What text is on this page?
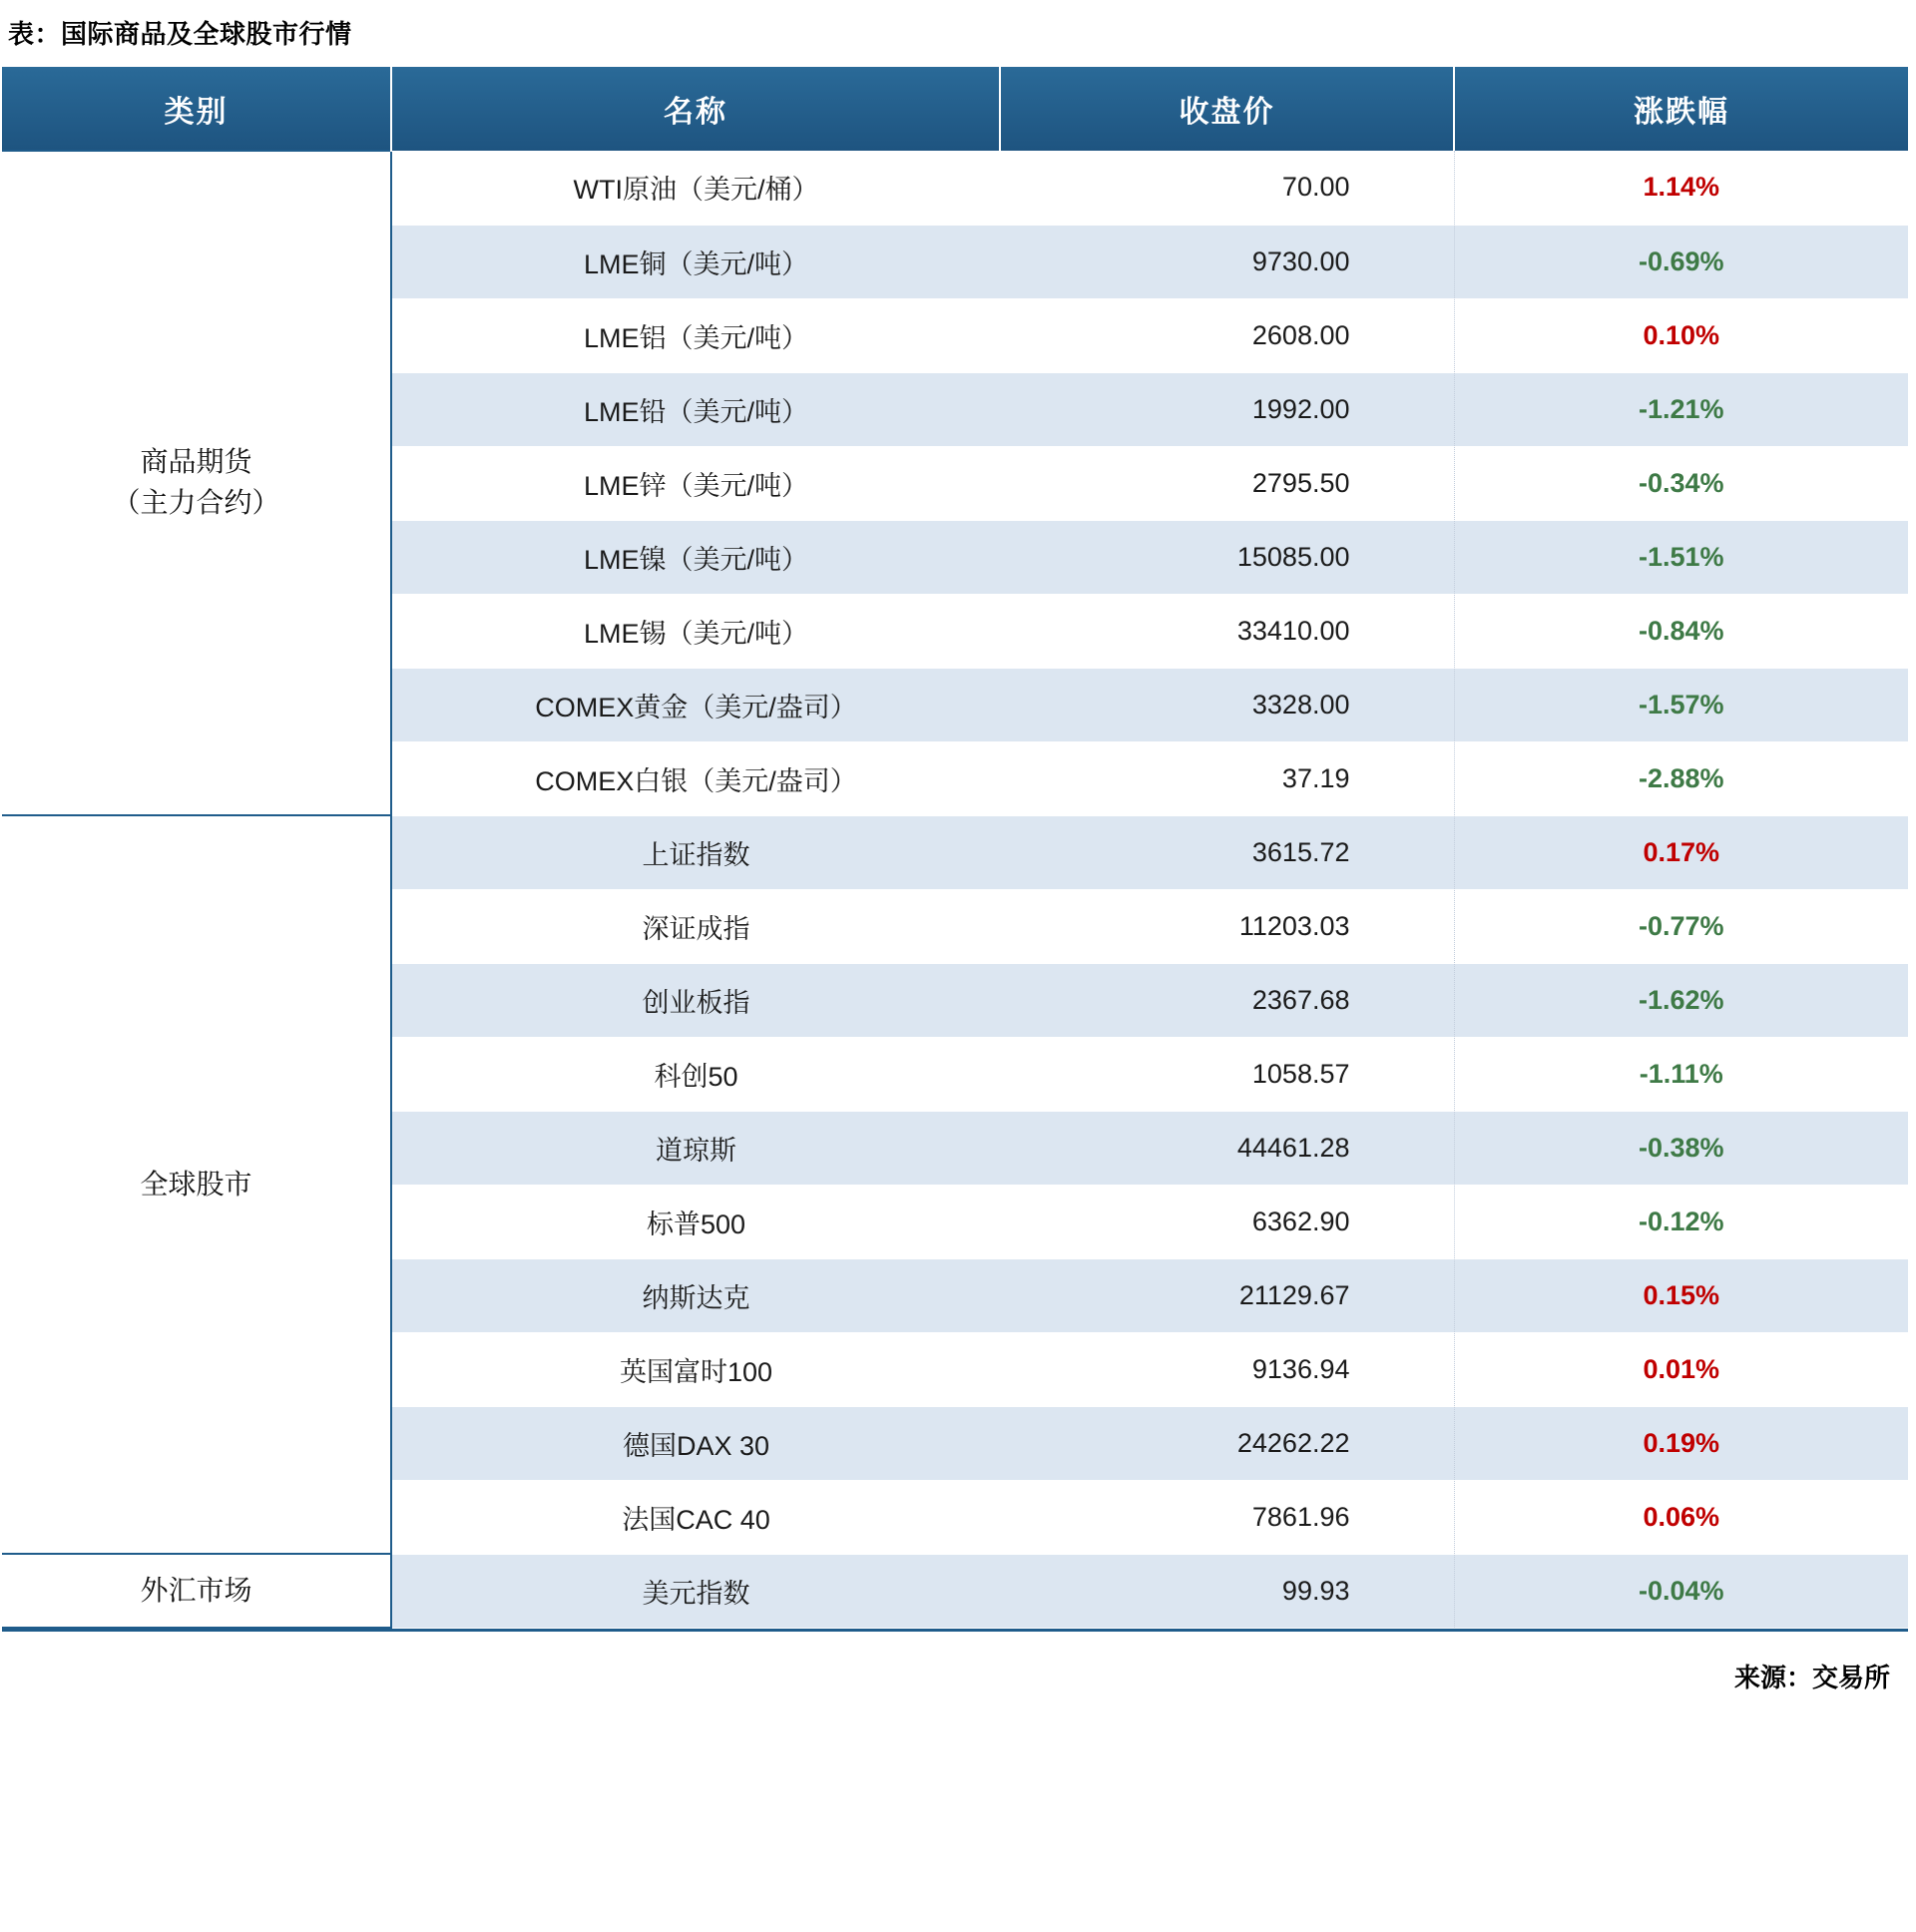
表：国际商品及全球股市行情
类别	名称	收盘价	涨跌幅

商品期货
（主力合约）	WTI原油（美元/桶）	70.00	1.14%
	LME铜（美元/吨）	9730.00	-0.69%
	LME铝（美元/吨）	2608.00	0.10%
	LME铅（美元/吨）	1992.00	-1.21%
	LME锌（美元/吨）	2795.50	-0.34%
	LME镍（美元/吨）	15085.00	-1.51%
	LME锡（美元/吨）	33410.00	-0.84%
	COMEX黄金（美元/盎司）	3328.00	-1.57%
	COMEX白银（美元/盎司）	37.19	-2.88%

全球股市	上证指数	3615.72	0.17%
	深证成指	11203.03	-0.77%
	创业板指	2367.68	-1.62%
	科创50	1058.57	-1.11%
	道琼斯	44461.28	-0.38%
	标普500	6362.90	-0.12%
	纳斯达克	21129.67	0.15%
	英国富时100	9136.94	0.01%
	德国DAX 30	24262.22	0.19%
	法国CAC 40	7861.96	0.06%

外汇市场	美元指数	99.93	-0.04%
来源：交易所
